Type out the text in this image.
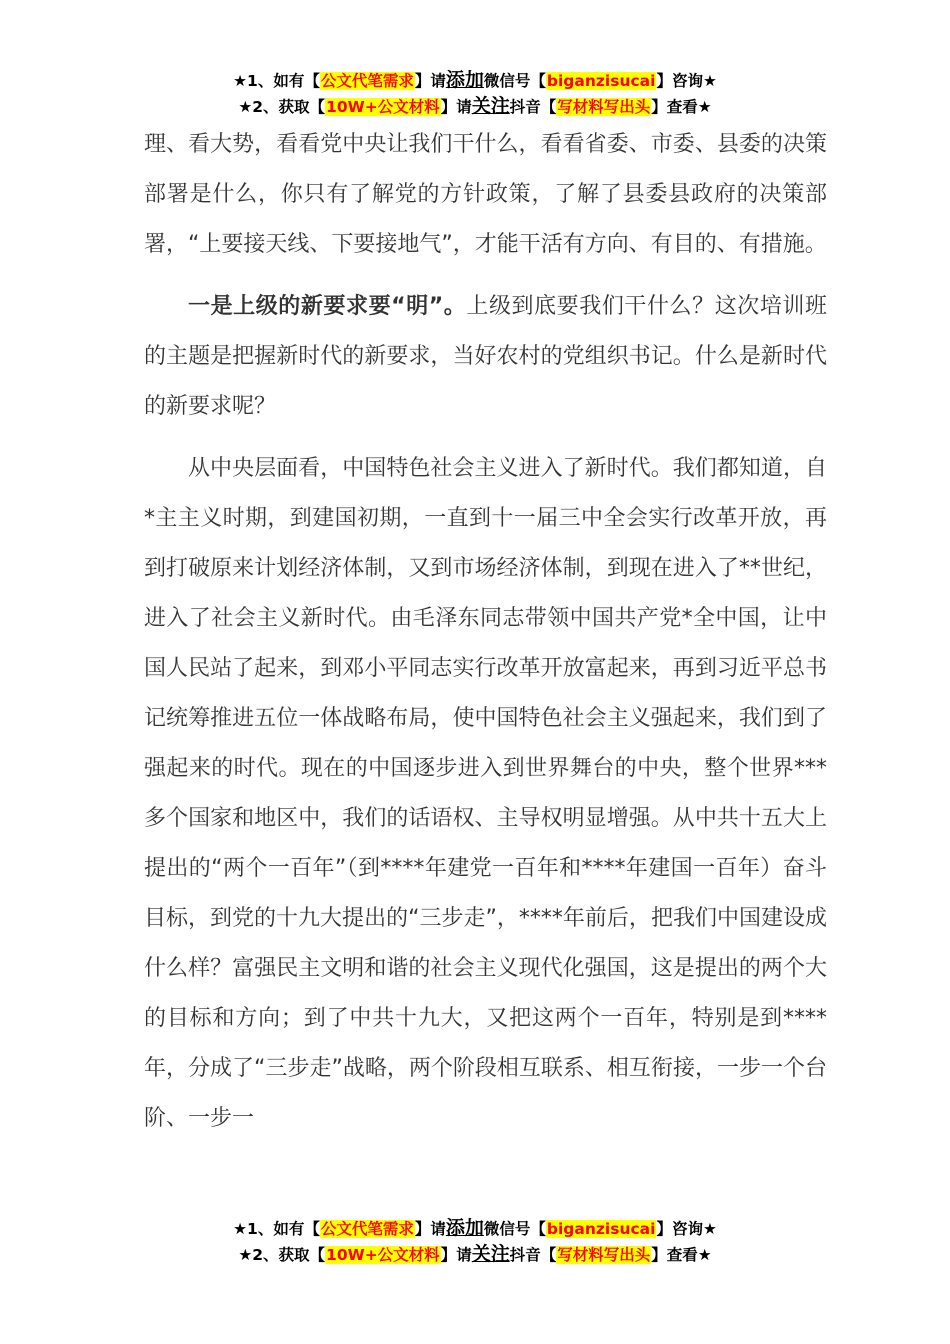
★1、如有【公文代笔需求】请添加微信号【biganzisucai】咨询★
★2、获取【10W+公文材料】请关注抖音【写材料写出头】查看★

理、看大势，看看党中央让我们干什么，看看省委、市委、县委的决策部署是什么，你只有了解党的方针政策，了解了县委县政府的决策部署，“上要接天线、下要接地气”，才能干活有方向、有目的、有措施。

一是上级的新要求要“明”。上级到底要我们干什么？这次培训班的主题是把握新时代的新要求，当好农村的党组织书记。什么是新时代的新要求呢？

从中央层面看，中国特色社会主义进入了新时代。我们都知道，自*主主义时期，到建国初期，一直到十一届三中全会实行改革开放，再到打破原来计划经济体制，又到市场经济体制，到现在进入了**世纪，进入了社会主义新时代。由毛泽东同志带领中国共产党*全中国，让中国人民站了起来，到邓小平同志实行改革开放富起来，再到习近平总书记统筹推进五位一体战略布局，使中国特色社会主义强起来，我们到了强起来的时代。现在的中国逐步进入到世界舞台的中央，整个世界***多个国家和地区中，我们的话语权、主导权明显增强。从中共十五大上提出的“两个一百年”（到****年建党一百年和****年建国一百年）奋斗目标，到党的十九大提出的“三步走”，****年前后，把我们中国建设成什么样？富强民主文明和谐的社会主义现代化强国，这是提出的两个大的目标和方向；到了中共十九大，又把这两个一百年，特别是到****年，分成了“三步走”战略，两个阶段相互联系、相互衔接，一步一个台阶、一步一

★1、如有【公文代笔需求】请添加微信号【biganzisucai】咨询★
★2、获取【10W+公文材料】请关注抖音【写材料写出头】查看★
